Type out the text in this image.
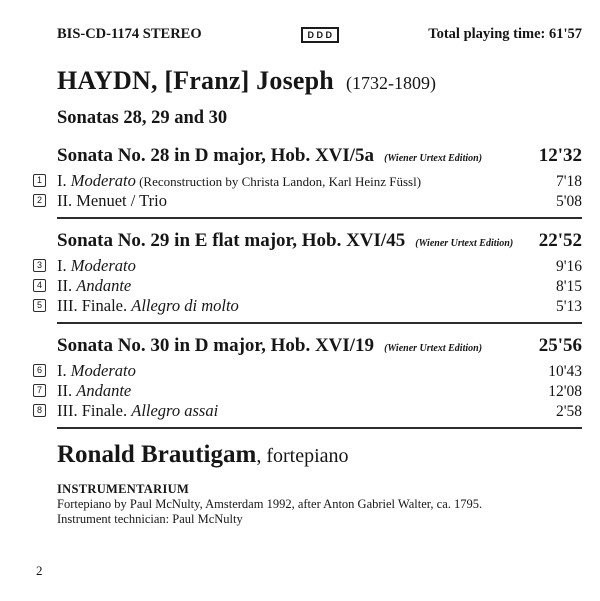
BIS-CD-1174 STEREO	DDD	Total playing time: 61'57
HAYDN, [Franz] Joseph (1732-1809)
Sonatas 28, 29 and 30
Sonata No. 28 in D major, Hob. XVI/5a (Wiener Urtext Edition)	12'32
1 I. Moderato (Reconstruction by Christa Landon, Karl Heinz Füssl)	7'18
2 II. Menuet / Trio	5'08
Sonata No. 29 in E flat major, Hob. XVI/45 (Wiener Urtext Edition)	22'52
3 I. Moderato	9'16
4 II. Andante	8'15
5 III. Finale. Allegro di molto	5'13
Sonata No. 30 in D major, Hob. XVI/19 (Wiener Urtext Edition)	25'56
6 I. Moderato	10'43
7 II. Andante	12'08
8 III. Finale. Allegro assai	2'58
Ronald Brautigam, fortepiano
INSTRUMENTARIUM
Fortepiano by Paul McNulty, Amsterdam 1992, after Anton Gabriel Walter, ca. 1795.
Instrument technician: Paul McNulty
2
